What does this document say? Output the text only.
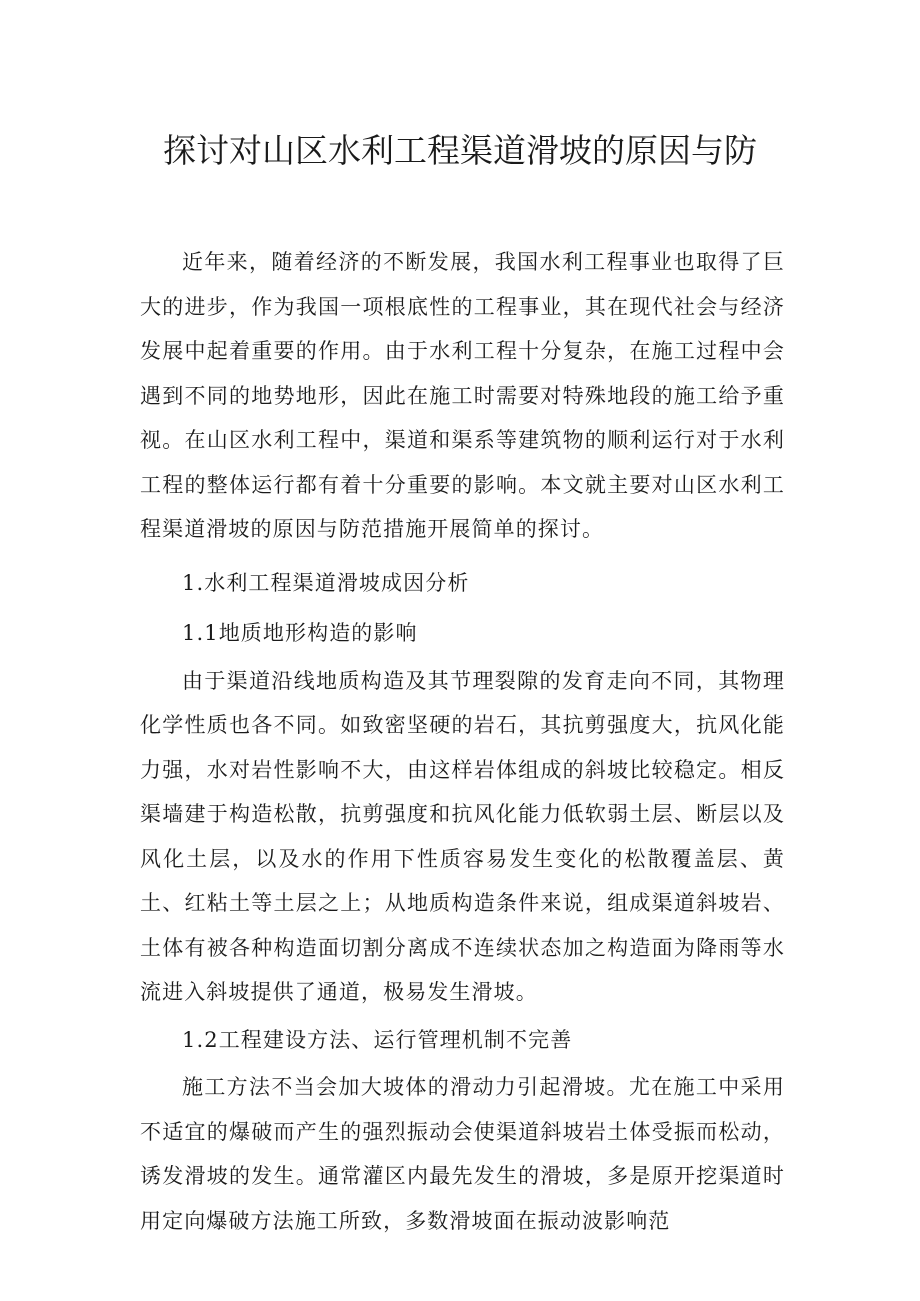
探讨对山区水利工程渠道滑坡的原因与防

近年来，随着经济的不断发展，我国水利工程事业也取得了巨大的进步，作为我国一项根底性的工程事业，其在现代社会与经济发展中起着重要的作用。由于水利工程十分复杂，在施工过程中会遇到不同的地势地形，因此在施工时需要对特殊地段的施工给予重视。在山区水利工程中，渠道和渠系等建筑物的顺利运行对于水利工程的整体运行都有着十分重要的影响。本文就主要对山区水利工程渠道滑坡的原因与防范措施开展简单的探讨。

1.水利工程渠道滑坡成因分析

1.1地质地形构造的影响

由于渠道沿线地质构造及其节理裂隙的发育走向不同，其物理化学性质也各不同。如致密坚硬的岩石，其抗剪强度大，抗风化能力强，水对岩性影响不大，由这样岩体组成的斜坡比较稳定。相反渠墙建于构造松散，抗剪强度和抗风化能力低软弱土层、断层以及风化土层，以及水的作用下性质容易发生变化的松散覆盖层、黄土、红粘土等土层之上；从地质构造条件来说，组成渠道斜坡岩、土体有被各种构造面切割分离成不连续状态加之构造面为降雨等水流进入斜坡提供了通道，极易发生滑坡。

1.2工程建设方法、运行管理机制不完善

施工方法不当会加大坡体的滑动力引起滑坡。尤在施工中采用不适宜的爆破而产生的强烈振动会使渠道斜坡岩土体受振而松动，诱发滑坡的发生。通常灌区内最先发生的滑坡，多是原开挖渠道时用定向爆破方法施工所致，多数滑坡面在振动波影响范
